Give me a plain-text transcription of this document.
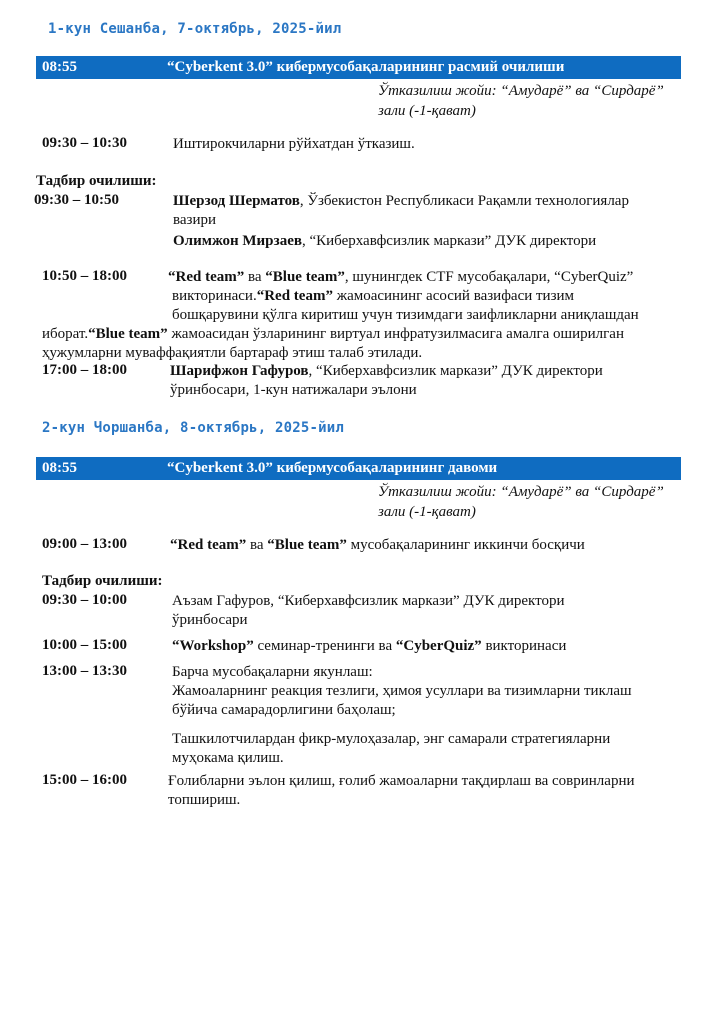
1-кун Сешанба, 7-октябрь, 2025-йил
08:55	“Cyberkent 3.0” кибермусобақаларининг расмий очилиши
Ўтказилиш жойи: “Амударё” ва “Сирдарё”
зали (-1-қават)
09:30 – 10:30	Иштирокчиларни рўйхатдан ўтказиш.
Тадбир очилиши:
09:30 – 10:50	Шерзод Шерматов, Ўзбекистон Республикаси Рақамли технологиялар
вазири
Олимжон Мирзаев, “Киберхавфсизлик маркази” ДУК директори
10:50 – 18:00	“Red team” ва “Blue team”, шунингдек CTF мусобақалари, “CyberQuiz”
викторинаси.“Red team” жамоасининг асосий вазифаси тизим
бошқарувини қўлга киритиш учун тизимдаги заифликларни аниқлашдан
иборат.“Blue team” жамоасидан ўзларининг виртуал инфратузилмасига амалга оширилган
ҳужумларни муваффақиятли бартараф этиш талаб этилади.
17:00 – 18:00	Шарифжон Гафуров, “Киберхавфсизлик маркази” ДУК директори
ўринбосари, 1-кун натижалари эълони
2-кун Чоршанба, 8-октябрь, 2025-йил
08:55	“Cyberkent 3.0” кибермусобақаларининг давоми
Ўтказилиш жойи: “Амударё” ва “Сирдарё”
зали (-1-қават)
09:00 – 13:00	“Red team” ва “Blue team” мусобақаларининг иккинчи босқичи
Тадбир очилиши:
09:30 – 10:00	Аъзам Гафуров, “Киберхавфсизлик маркази” ДУК директори
ўринбосари
10:00 – 15:00	“Workshop” семинар-тренинги ва “CyberQuiz” викторинаси
13:00 – 13:30	Барча мусобақаларни якунлаш:
Жамоаларнинг реакция тезлиги, ҳимоя усуллари ва тизимларни тиклаш
бўйича самарадорлигини баҳолаш;
Ташкилотчилардан фикр-мулоҳазалар, энг самарали стратегияларни
муҳокама қилиш.
15:00 – 16:00	Ғолибларни эълон қилиш, ғолиб жамоаларни тақдирлаш ва совринларни
топшириш.
